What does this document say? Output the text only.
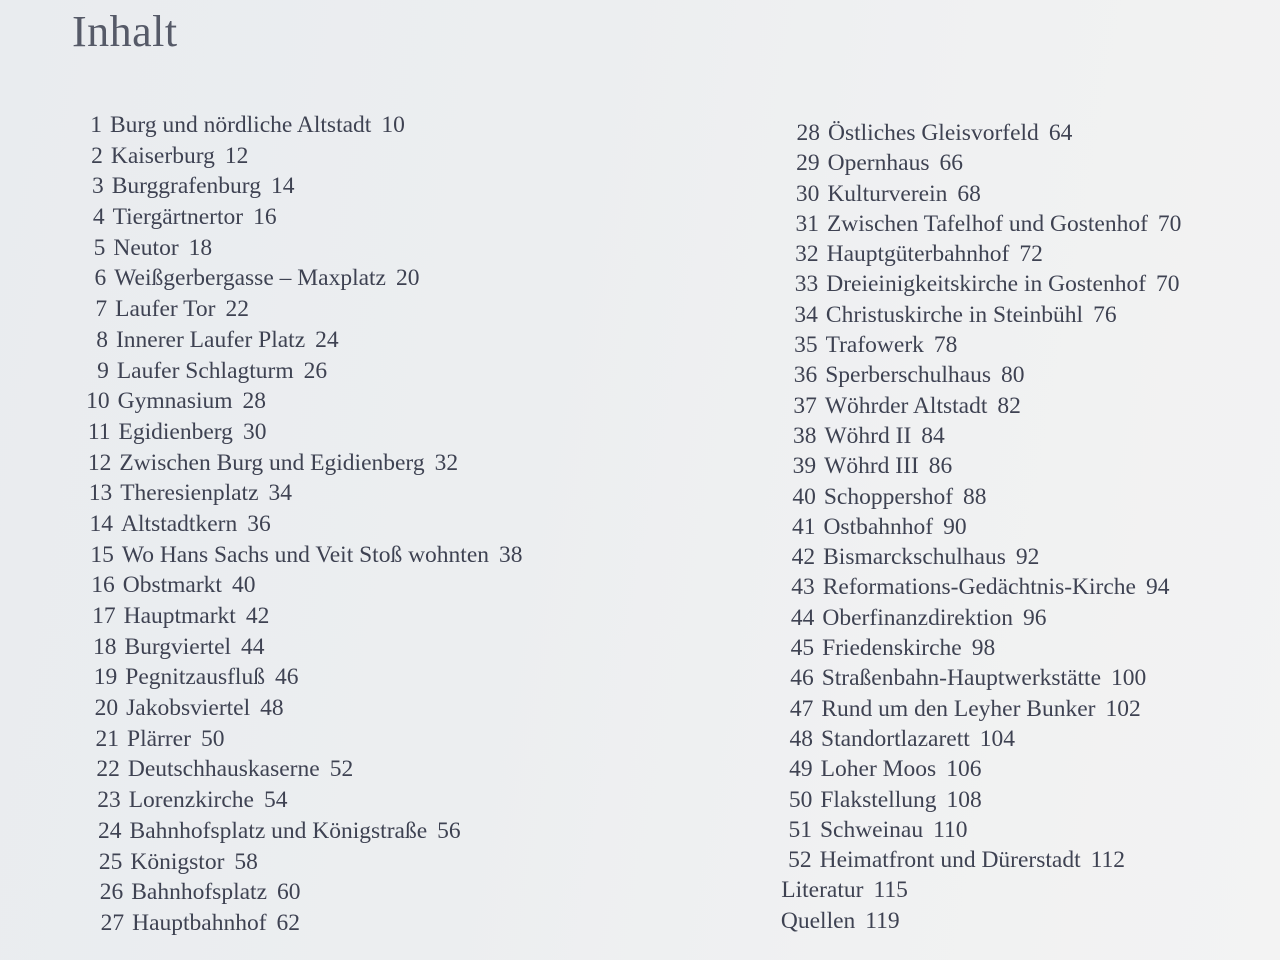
Inhalt
1 Burg und nördliche Altstadt 10
2 Kaiserburg 12
3 Burggrafenburg 14
4 Tiergärtnertor 16
5 Neutor 18
6 Weißgerbergasse – Maxplatz 20
7 Laufer Tor 22
8 Innerer Laufer Platz 24
9 Laufer Schlagturm 26
10 Gymnasium 28
11 Egidienberg 30
12 Zwischen Burg und Egidienberg 32
13 Theresienplatz 34
14 Altstadtkern 36
15 Wo Hans Sachs und Veit Stoß wohnten 38
16 Obstmarkt 40
17 Hauptmarkt 42
18 Burgviertel 44
19 Pegnitzausfluß 46
20 Jakobsviertel 48
21 Plärrer 50
22 Deutschhauskaserne 52
23 Lorenzkirche 54
24 Bahnhofsplatz und Königstraße 56
25 Königstor 58
26 Bahnhofsplatz 60
27 Hauptbahnhof 62
28 Östliches Gleisvorfeld 64
29 Opernhaus 66
30 Kulturverein 68
31 Zwischen Tafelhof und Gostenhof 70
32 Hauptgüterbahnhof 72
33 Dreieinigkeitskirche in Gostenhof 70
34 Christuskirche in Steinbühl 76
35 Trafowerk 78
36 Sperberschulhaus 80
37 Wöhrder Altstadt 82
38 Wöhrd II 84
39 Wöhrd III 86
40 Schoppershof 88
41 Ostbahnhof 90
42 Bismarckschulhaus 92
43 Reformations-Gedächtnis-Kirche 94
44 Oberfinanzdirektion 96
45 Friedenskirche 98
46 Straßenbahn-Hauptwerkstätte 100
47 Rund um den Leyher Bunker 102
48 Standortlazarett 104
49 Loher Moos 106
50 Flakstellung 108
51 Schweinau 110
52 Heimatfront und Dürerstadt 112
Literatur 115
Quellen 119
